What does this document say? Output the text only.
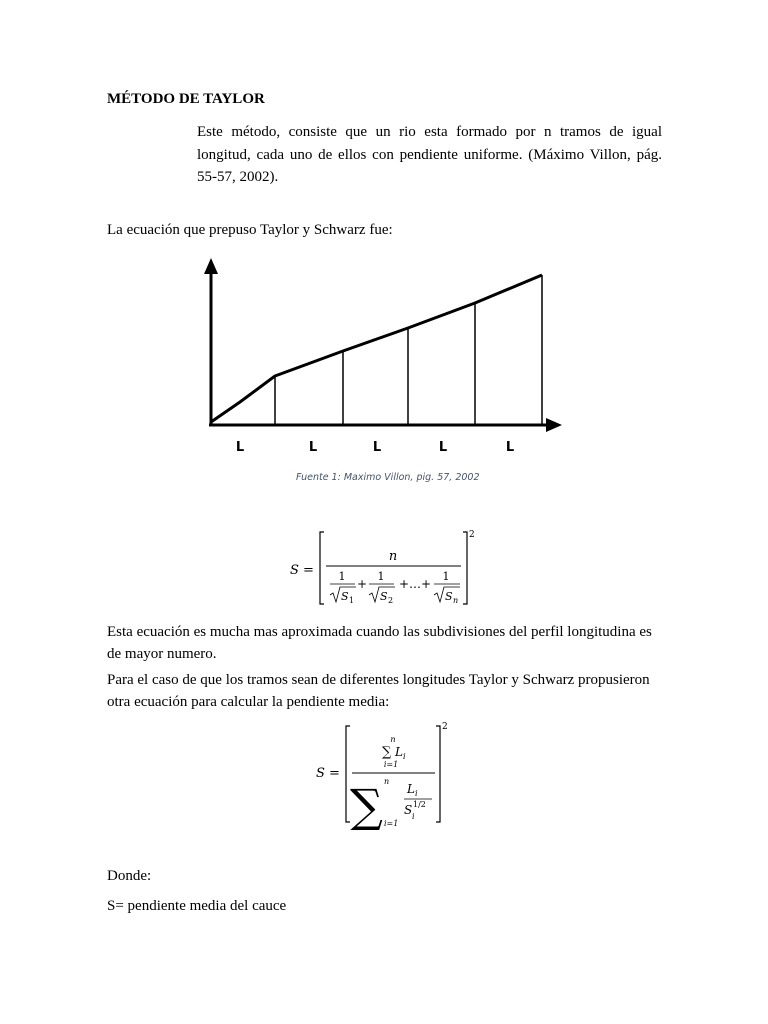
MÉTODO DE TAYLOR
Este método, consiste que un rio esta formado por n tramos de igual longitud, cada uno de ellos con pendiente uniforme. (Máximo Villon, pág. 55-57, 2002).
La ecuación que prepuso Taylor y Schwarz fue:
L	L	L	L	L
Fuente 1: Maximo Villon, pig. 57, 2002
S =
2
n
1
S 1
+
1
S 2
+…+
1
S n
Esta ecuación es mucha mas aproximada cuando las subdivisiones del perfil longitudina es de mayor numero.
Para el caso de que los tramos sean de diferentes longitudes Taylor y Schwarz propusieron otra ecuación para calcular la pendiente media:
S =
2
n
∑ L i
i=1
∑ n
i=1
L i
S 1/2
i
Donde:
S= pendiente media del cauce
